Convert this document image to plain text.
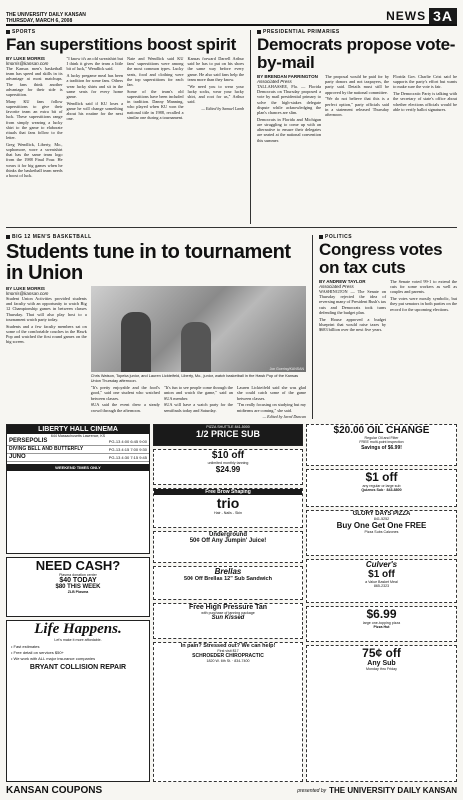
THE UNIVERSITY DAILY KANSAN
THURSDAY, MARCH 6, 2008	NEWS 3A
SPORTS
Fan superstitions boost spirit
BY LUKE MORRIS
lmorris@kansan.com

The Kansas men's basketball team has speed and skills in its advantage at most matchups. The fans think another advantage for their side is superstition.

Many KU fans follow superstitions to give their favorite team an extra bit of luck. These superstitions range from simply wearing a lucky shirt to the game to elaborate rituals that fans follow to the letter.

Greg Wendlick, Liberty, Mo., sophomore, wore a sweatshirt that has the same team logo from the 1988 Final Four. He wears it for big games when he thinks the basketball team needs a boost of luck.

"I know it's an old sweatshirt but I think it gives the team a little bit of luck," Wendlick said.

A lucky pregame meal has been a tradition for some fans. Others wear lucky shirts and sit in the same seats for every home game.

Wendlick said if KU loses a game he will change something about his routine for the next one.

Nate and Wendlick said KU fans' superstitions were among the most common types. Lucky seats, food and clothing were the top superstitions for each fan.

Some of the team's old superstitions have been included in tradition. Danny Manning, who played when KU won the national title in 1988, recalled a similar one during a tournament.

Kansas forward Darrell Arthur said he has to put on his shoes the same way before every game. He also said fans help the team more than they know.

"We need you to wear your lucky socks, wear your lucky shirt, and root for us," Arthur said.

— Edited by Samuel Lamb
PRESIDENTIAL PRIMARIES
Democrats propose vote-by-mail
BY BRENDAN FARRINGTON
Associated Press

TALLAHASSEE, Fla. — Florida Democrats on Thursday proposed a vote by mail presidential primary to solve the high-stakes delegate dispute while acknowledging the plan's chances are slim.

Democrats in Florida and Michigan are struggling to come up with an alternative to ensure their delegates are seated at the national convention this summer.

The proposal would be paid for by party donors and not taxpayers, the party said. Details must still be approved by the national committee.

"We do not believe that this is a perfect option," party officials said in a statement released Thursday afternoon.

Florida Gov. Charlie Crist said he supports the party's effort but wants to make sure the vote is fair.

The Democratic Party is talking with the secretary of state's office about whether elections officials would be able to verify ballot signatures.

BIG 12 MEN'S BASKETBALL
Students tune in to tournament in Union
BY LUKE MORRIS
lmorris@kansan.com

Student Union Activities provided students and faculty with an opportunity to watch Big 12 Championship games in between classes Thursday. That will also play host to a tournament watch party today.

Students and a few faculty members sat on some of the comfortable couches in the Hawk Pop and watched the first round games on the big screen.

Jon Goering/KANSAN
Chris Watson, Topeka junior, and Lauren Lickteifeld, Liberty, Mo., junior, watch basketball in the Hawk Pop of the Kansas Union Thursday afternoon.

"It's pretty enjoyable and the food's good," said one student who watched between classes.

SUA said the event drew a steady crowd through the afternoon.

"It's fun to see people come through the union and watch the game," said an SUA member.

SUA will have a watch party for the semifinals today and Saturday.

Lauren Lickteifeld said she was glad she could catch some of the game between classes.

"I'm really focusing on studying but my midterms are coming," she said.

— Edited by Jared Duncan
POLITICS
Congress votes on tax cuts
BY ANDREW TAYLOR
Associated Press

WASHINGTON — The Senate on Thursday rejected the idea of reversing many of President Bush's tax cuts and Democrats took turns defending the budget plan.

The House approved a budget blueprint that would raise taxes by $683 billion over the next five years.

The Senate voted 99-1 to extend the cuts for some workers as well as couples and parents.

The votes were mostly symbolic, but they put senators in both parties on the record for the upcoming elections.

LIBERTY HALL CINEMA
644 Massachusetts Lawrence, KS
PERSEPOLIS	PG-13 4:00 6:45 9:00
DIVING BELL AND BUTTERFLY	PG-13 4:15 7:00 9:30
JUNO	PG-13 4:30 7:15 9:45
WEEKEND TIMES ONLY
NEED CASH?
Plasma donation center
$40 TODAY
$80 THIS WEEK
ZLB Plasma
Life Happens.
Let's make it more affordable.
• Fast estimates
• Free detail on services $50+
• We work with ALL major insurance companies
BRYANT COLLISION REPAIR
PIZZA SHUTTLE 841-5000
1/2 PRICE SUB
$10 off
unlimited monthly tanning
$24.99
Free Brow Shaping
trio
Hair - Nails - Skin
Underground
50¢ Off Any Jumpin' Juice!
Brellas
50¢ Off Brellas 12" Sub Sandwich
Free High Pressure Tan
with purchase of tanning package
Sun Kissed
In pain? Stressed out? We can help!
First visit $17
SCHROEDER CHIROPRACTIC
1820 W. 6th St. · 834-7400
$20.00 OIL CHANGE
Regular Oil and Filter
FREE multi-point inspection
Savings of $6.99!
$1 off
any regular or large sub
Quiznos Sub · 843-8800
GLORY DAYS PIZZA
841-5252
Buy One Get One FREE
Pizza Subs Calzones
Culver's
$1 off
a Value Basket Meal
865-2323
$6.99
large one-topping pizza
Pizza Hut
75¢ off
Any Sub
Monday thru Friday
KANSAN COUPONS	presented by THE UNIVERSITY DAILY KANSAN
